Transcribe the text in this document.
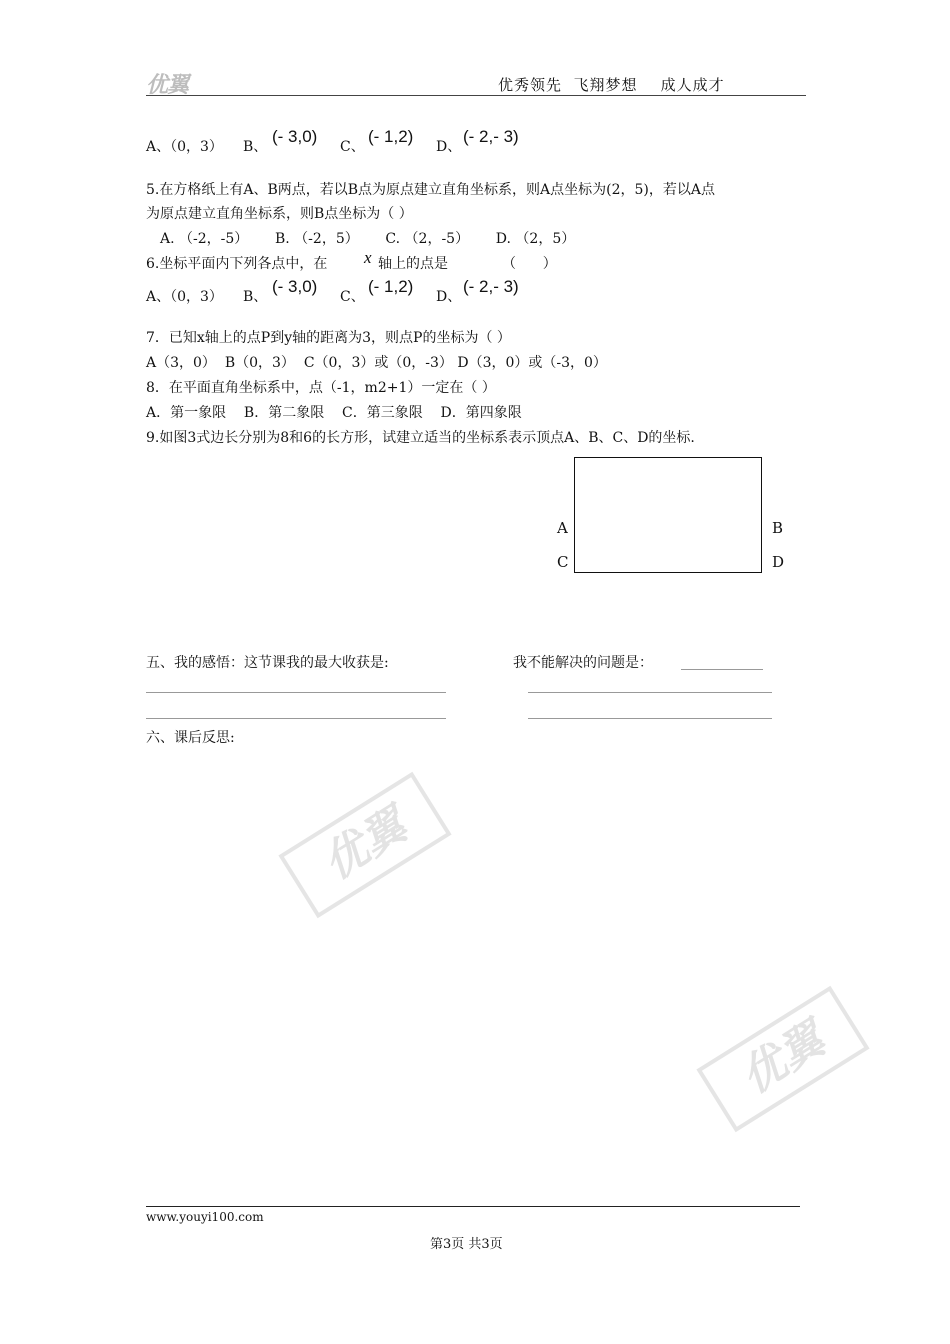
优翼	优秀领先  飞翔梦想    成人成才
A、（0，3） B、
(- 3,0)
C、
(- 1,2)
D、
(- 2,- 3)
5.在方格纸上有A、B两点，若以B点为原点建立直角坐标系，则A点坐标为(2，5)，若以A点
为原点建立直角坐标系，则B点坐标为（ ）
A. （-2，-5）      B. （-2，5）      C. （2，-5）      D. （2，5）
6.坐标平面内下列各点中，在 x 轴上的点是	（      ）
A、（0，3） B、
(- 3,0)
C、
(- 1,2)
D、
(- 2,- 3)
7．已知x轴上的点P到y轴的距离为3，则点P的坐标为（ ）
A（3，0）  B（0，3）  C（0，3）或（0，-3） D（3，0）或（-3，0）
8．在平面直角坐标系中，点（-1，m2+1）一定在（ ）
A．第一象限    B．第二象限    C．第三象限    D．第四象限
9.如图3式边长分别为8和6的长方形，试建立适当的坐标系表示顶点A、B、C、D的坐标.
A	B
C	D
五、我的感悟：这节课我的最大收获是:	我不能解决的问题是：
六、课后反思:
优翼
优翼
www.youyi100.com
第3页 共3页
